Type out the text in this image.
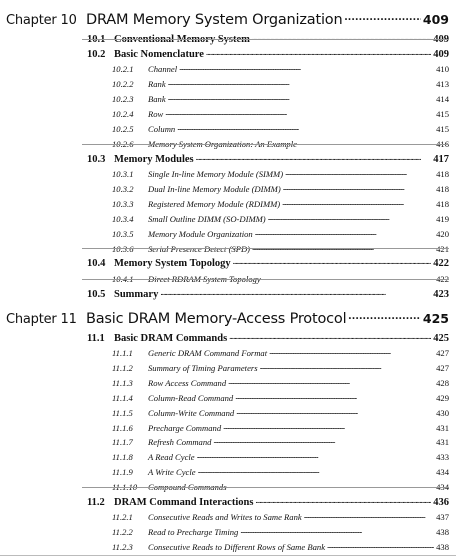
Chapter 10 DRAM Memory System Organization . . .	409
10.1 Conventional Memory System . . .	409
10.2 Basic Nomenclature . . .	409
10.2.1	Channel . . .	410
10.2.2	Rank . . .	413
10.2.3	Bank . . .	414
10.2.4	Row . . .	415
10.2.5	Column . . .	415
10.2.6	Memory System Organization: An Example . . .	416
10.3 Memory Modules . . .	417
10.3.1	Single In-line Memory Module (SIMM) . . .	418
10.3.2	Dual In-line Memory Module (DIMM) . . .	418
10.3.3	Registered Memory Module (RDIMM) . . .	418
10.3.4	Small Outline DIMM (SO-DIMM) . . .	419
10.3.5	Memory Module Organization . . .	420
10.3.6	Serial Presence Detect (SPD) . . .	421
10.4 Memory System Topology . . .	422
10.4.1	Direct RDRAM System Topology . . .	422
10.5 Summary . . .	423
Chapter 11 Basic DRAM Memory-Access Protocol . . .	425
11.1 Basic DRAM Commands . . .	425
11.1.1	Generic DRAM Command Format . . .	427
11.1.2	Summary of Timing Parameters . . .	427
11.1.3	Row Access Command . . .	428
11.1.4	Column-Read Command . . .	429
11.1.5	Column-Write Command . . .	430
11.1.6	Precharge Command . . .	431
11.1.7	Refresh Command . . .	431
11.1.8	A Read Cycle . . .	433
11.1.9	A Write Cycle . . .	434
11.1.10	Compound Commands . . .	434
11.2 DRAM Command Interactions . . .	436
11.2.1	Consecutive Reads and Writes to Same Rank . . .	437
11.2.2	Read to Precharge Timing . . .	438
11.2.3	Consecutive Reads to Different Rows of Same Bank . . .	438
